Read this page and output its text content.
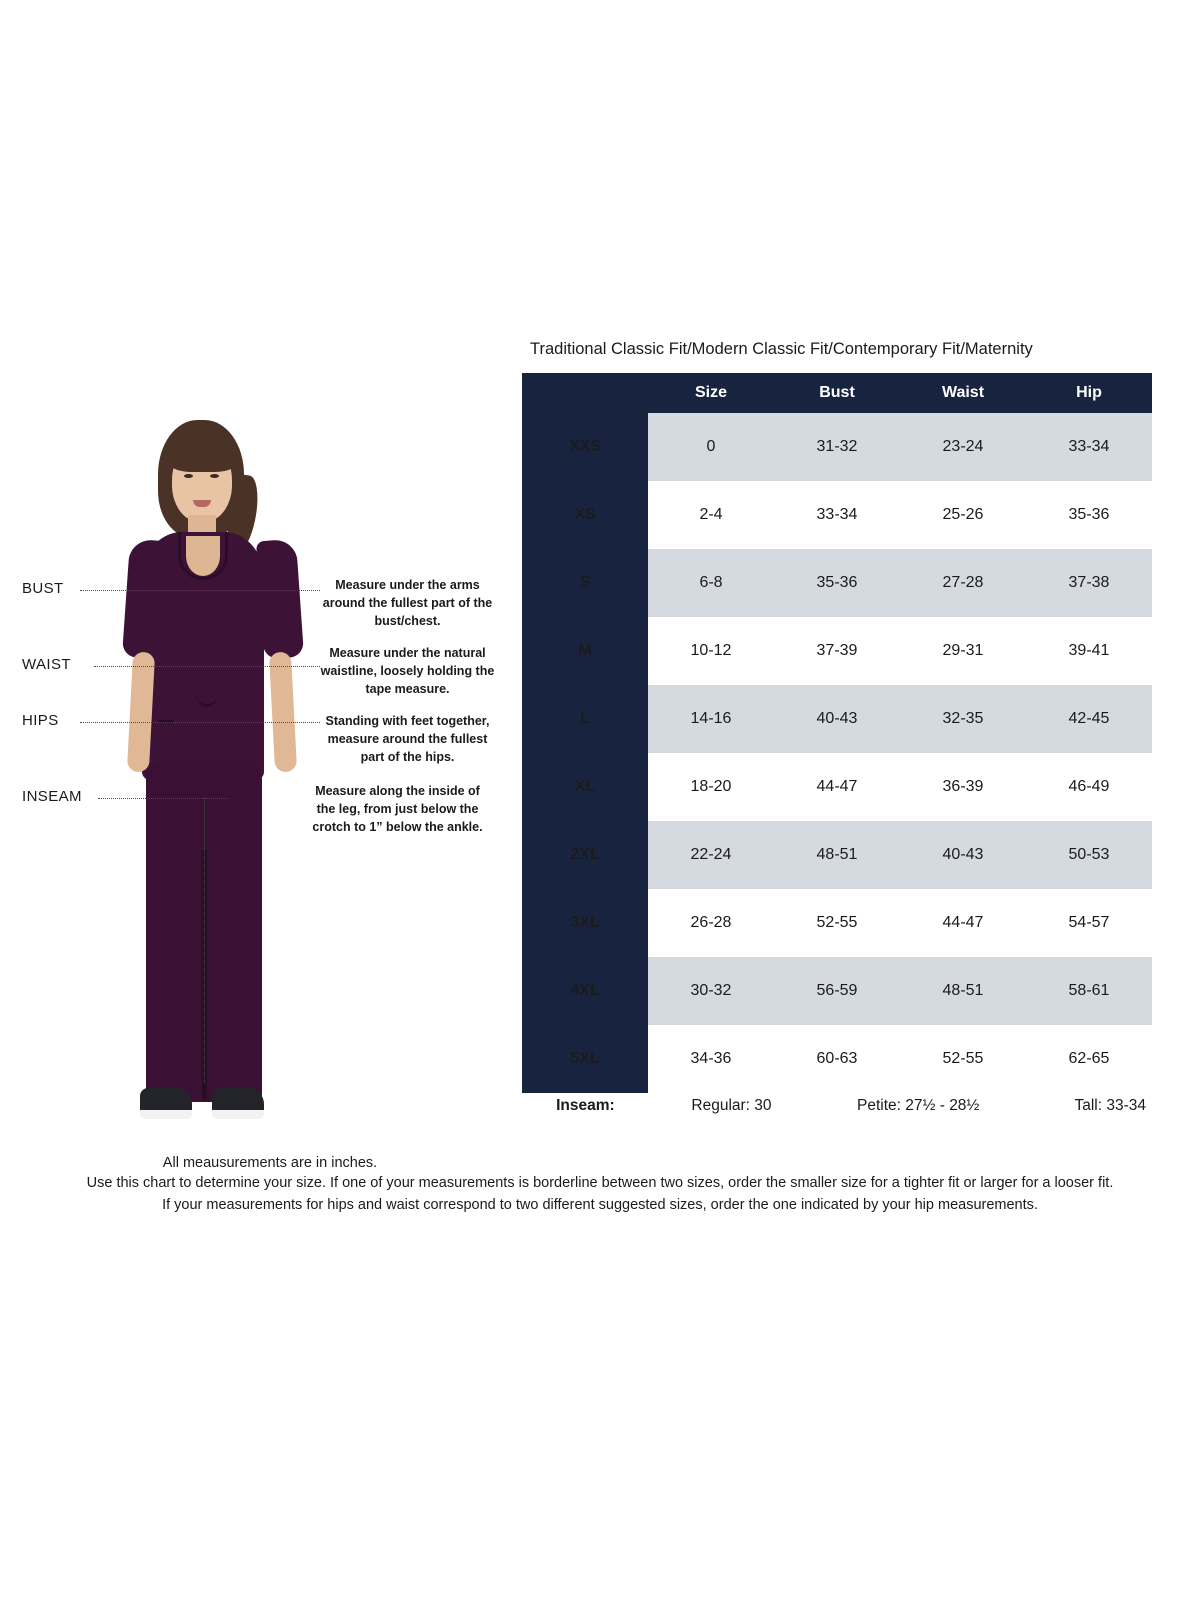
BUST
WAIST
HIPS
INSEAM
Measure under the arms around the fullest part of the bust/chest.
Measure under the natural waistline, loosely holding the tape measure.
Standing with feet together, measure around the fullest part of the hips.
Measure along the inside of the leg, from just below the crotch to 1” below the ankle.
All meausurements are in inches.
Traditional Classic Fit/Modern Classic Fit/Contemporary Fit/Maternity
	Size	Bust	Waist	Hip
XXS	0	31-32	23-24	33-34
XS	2-4	33-34	25-26	35-36
S	6-8	35-36	27-28	37-38
M	10-12	37-39	29-31	39-41
L	14-16	40-43	32-35	42-45
XL	18-20	44-47	36-39	46-49
2XL	22-24	48-51	40-43	50-53
3XL	26-28	52-55	44-47	54-57
4XL	30-32	56-59	48-51	58-61
5XL	34-36	60-63	52-55	62-65
Inseam:	Regular: 30	Petite: 27½ - 28½	Tall: 33-34
Use this chart to determine your size. If one of your measurements is borderline between two sizes, order the smaller size for a tighter fit or larger for a looser fit.
If your measurements for hips and waist correspond to two different suggested sizes, order the one indicated by your hip measurements.
